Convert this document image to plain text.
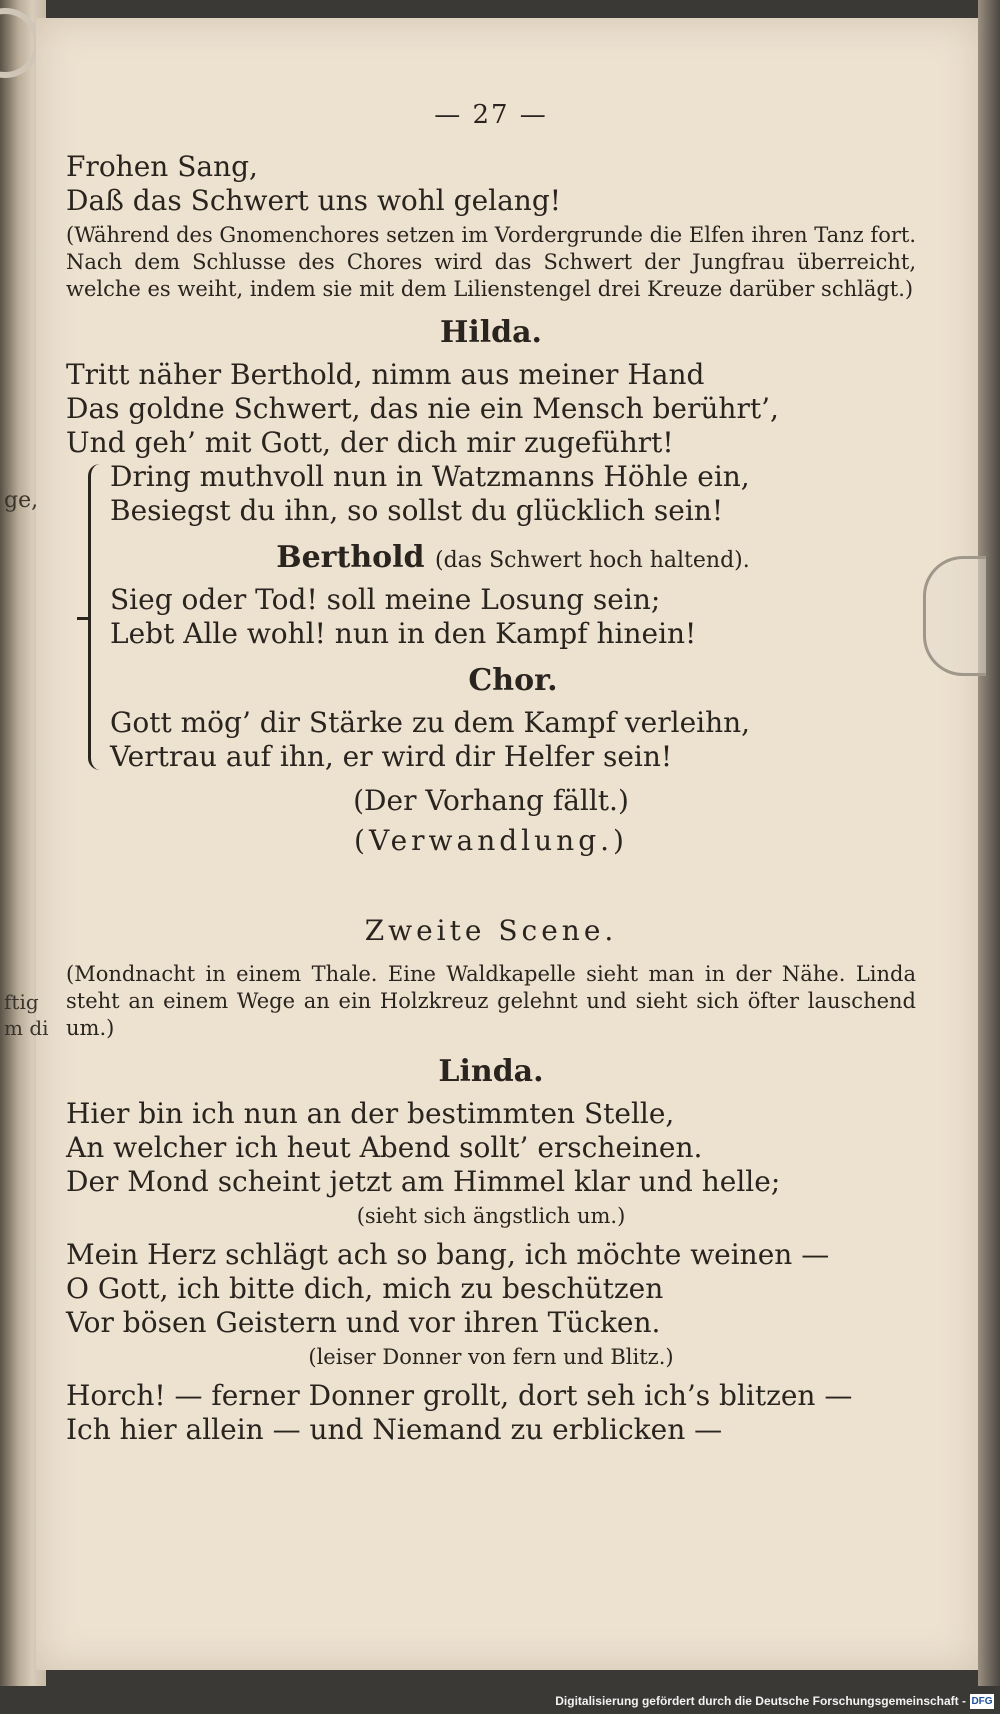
ge,
ftig
m di
— 27 —

Frohen Sang,

Daß das Schwert uns wohl gelang!

(Während des Gnomenchores setzen im Vordergrunde die Elfen ihren Tanz fort. Nach dem Schlusse des Chores wird das Schwert der Jungfrau überreicht, welche es weiht, indem sie mit dem Lilienstengel drei Kreuze darüber schlägt.)
Hilda.

Tritt näher Berthold, nimm aus meiner Hand

Das goldne Schwert, das nie ein Mensch berührt’,

Und geh’ mit Gott, der dich mir zugeführt!

Dring muthvoll nun in Watzmanns Höhle ein,

Besiegst du ihn, so sollst du glücklich sein!

Berthold (das Schwert hoch haltend).

Sieg oder Tod! soll meine Losung sein;

Lebt Alle wohl! nun in den Kampf hinein!

Chor.

Gott mög’ dir Stärke zu dem Kampf verleihn,

Vertrau auf ihn, er wird dir Helfer sein!

(Der Vorhang fällt.)

(Verwandlung.)

Zweite Scene.
(Mondnacht in einem Thale. Eine Waldkapelle sieht man in der Nähe. Linda steht an einem Wege an ein Holzkreuz gelehnt und sieht sich öfter lauschend um.)
Linda.

Hier bin ich nun an der bestimmten Stelle,

An welcher ich heut Abend sollt’ erscheinen.

Der Mond scheint jetzt am Himmel klar und helle;

(sieht sich ängstlich um.)

Mein Herz schlägt ach so bang, ich möchte weinen —

O Gott, ich bitte dich, mich zu beschützen

Vor bösen Geistern und vor ihren Tücken.

(leiser Donner von fern und Blitz.)

Horch! — ferner Donner grollt, dort seh ich’s blitzen —

Ich hier allein — und Niemand zu erblicken —

Digitalisierung gefördert durch die Deutsche Forschungsgemeinschaft - DFG
